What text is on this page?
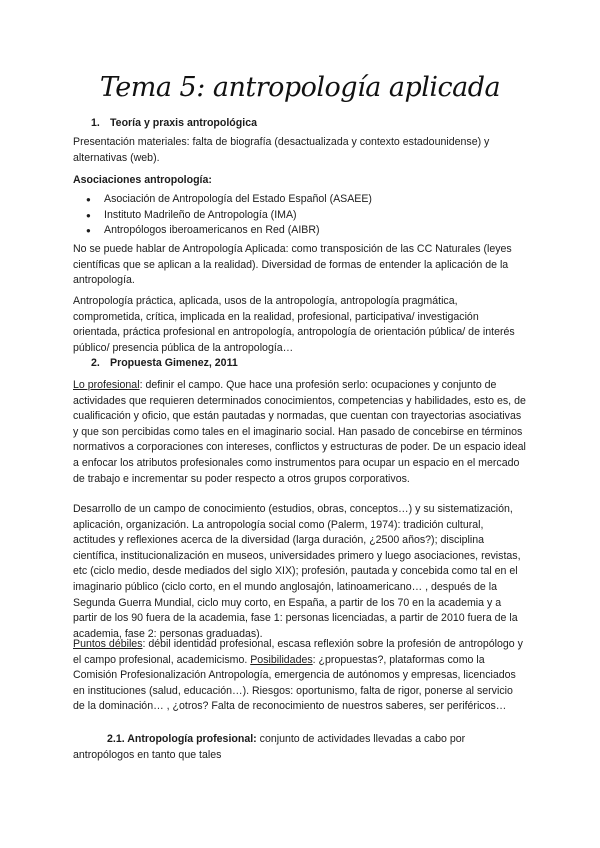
Tema 5: antropología aplicada
1. Teoría y praxis antropológica

Presentación materiales: falta de biografía (desactualizada y contexto estadounidense) y alternativas (web).

Asociaciones antropología:

● Asociación de Antropología del Estado Español (ASAEE)
● Instituto Madrileño de Antropología (IMA)
● Antropólogos iberoamericanos en Red (AIBR)

No se puede hablar de Antropología Aplicada: como transposición de las CC Naturales (leyes científicas que se aplican a la realidad). Diversidad de formas de entender la aplicación de la antropología.

Antropología práctica, aplicada, usos de la antropología, antropología pragmática, comprometida, crítica, implicada en la realidad, profesional, participativa/ investigación orientada, práctica profesional en antropología, antropología de orientación pública/ de interés público/ presencia pública de la antropología…

2. Propuesta Gimenez, 2011

Lo profesional: definir el campo. Que hace una profesión serlo: ocupaciones y conjunto de actividades que requieren determinados conocimientos, competencias y habilidades, esto es, de cualificación y oficio, que están pautadas y normadas, que cuentan con trayectorias asociativas y que son percibidas como tales en el imaginario social. Han pasado de concebirse en términos normativos a corporaciones con intereses, conflictos y estructuras de poder. De un espacio ideal a enfocar los atributos profesionales como instrumentos para ocupar un espacio en el mercado de trabajo e incrementar su poder respecto a otros grupos corporativos.

Desarrollo de un campo de conocimiento (estudios, obras, conceptos…) y su sistematización, aplicación, organización. La antropología social como (Palerm, 1974): tradición cultural, actitudes y reflexiones acerca de la diversidad (larga duración, ¿2500 años?); disciplina científica, institucionalización en museos, universidades primero y luego asociaciones, revistas, etc (ciclo medio, desde mediados del siglo XIX); profesión, pautada y concebida como tal en el imaginario público (ciclo corto, en el mundo anglosajón, latinoamericano… , después de la Segunda Guerra Mundial, ciclo muy corto, en España, a partir de los 70 en la academia y a partir de los 90 fuera de la academia, fase 1: personas licenciadas, a partir de 2010 fuera de la academia, fase 2: personas graduadas).

Puntos débiles: débil identidad profesional, escasa reflexión sobre la profesión de antropólogo y el campo profesional, academicismo. Posibilidades: ¿propuestas?, plataformas como la Comisión Profesionalización Antropología, emergencia de autónomos y empresas, licenciados en instituciones (salud, educación…). Riesgos: oportunismo, falta de rigor, ponerse al servicio de la dominación… , ¿otros? Falta de reconocimiento de nuestros saberes, ser periféricos…

2.1. Antropología profesional: conjunto de actividades llevadas a cabo por antropólogos en tanto que tales
